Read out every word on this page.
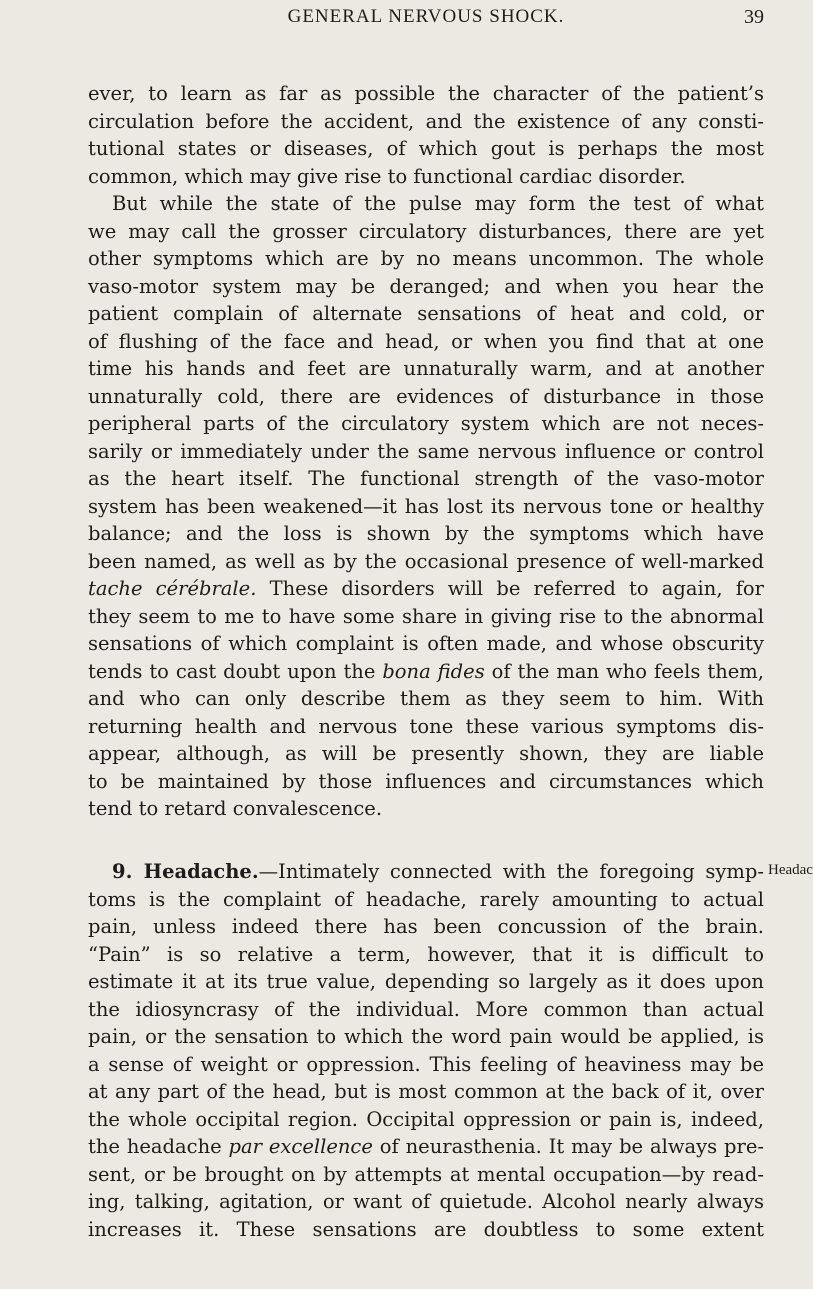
GENERAL NERVOUS SHOCK.	39
ever, to learn as far as possible the character of the patient’s
circulation before the accident, and the existence of any consti-
tutional states or diseases, of which gout is perhaps the most
common, which may give rise to functional cardiac disorder.
But while the state of the pulse may form the test of what
we may call the grosser circulatory disturbances, there are yet
other symptoms which are by no means uncommon. The whole
vaso-motor system may be deranged; and when you hear the
patient complain of alternate sensations of heat and cold, or
of flushing of the face and head, or when you find that at one
time his hands and feet are unnaturally warm, and at another
unnaturally cold, there are evidences of disturbance in those
peripheral parts of the circulatory system which are not neces-
sarily or immediately under the same nervous influence or control
as the heart itself. The functional strength of the vaso-motor
system has been weakened—it has lost its nervous tone or healthy
balance; and the loss is shown by the symptoms which have
been named, as well as by the occasional presence of well-marked
tache cérébrale. These disorders will be referred to again, for
they seem to me to have some share in giving rise to the abnormal
sensations of which complaint is often made, and whose obscurity
tends to cast doubt upon the bona fides of the man who feels them,
and who can only describe them as they seem to him. With
returning health and nervous tone these various symptoms dis-
appear, although, as will be presently shown, they are liable
to be maintained by those influences and circumstances which
tend to retard convalescence.
9. Headache.—Intimately connected with the foregoing symp-
toms is the complaint of headache, rarely amounting to actual
pain, unless indeed there has been concussion of the brain.
“Pain” is so relative a term, however, that it is difficult to
estimate it at its true value, depending so largely as it does upon
the idiosyncrasy of the individual. More common than actual
pain, or the sensation to which the word pain would be applied, is
a sense of weight or oppression. This feeling of heaviness may be
at any part of the head, but is most common at the back of it, over
the whole occipital region. Occipital oppression or pain is, indeed,
the headache par excellence of neurasthenia. It may be always pre-
sent, or be brought on by attempts at mental occupation—by read-
ing, talking, agitation, or want of quietude. Alcohol nearly always
increases it. These sensations are doubtless to some extent
Headac
